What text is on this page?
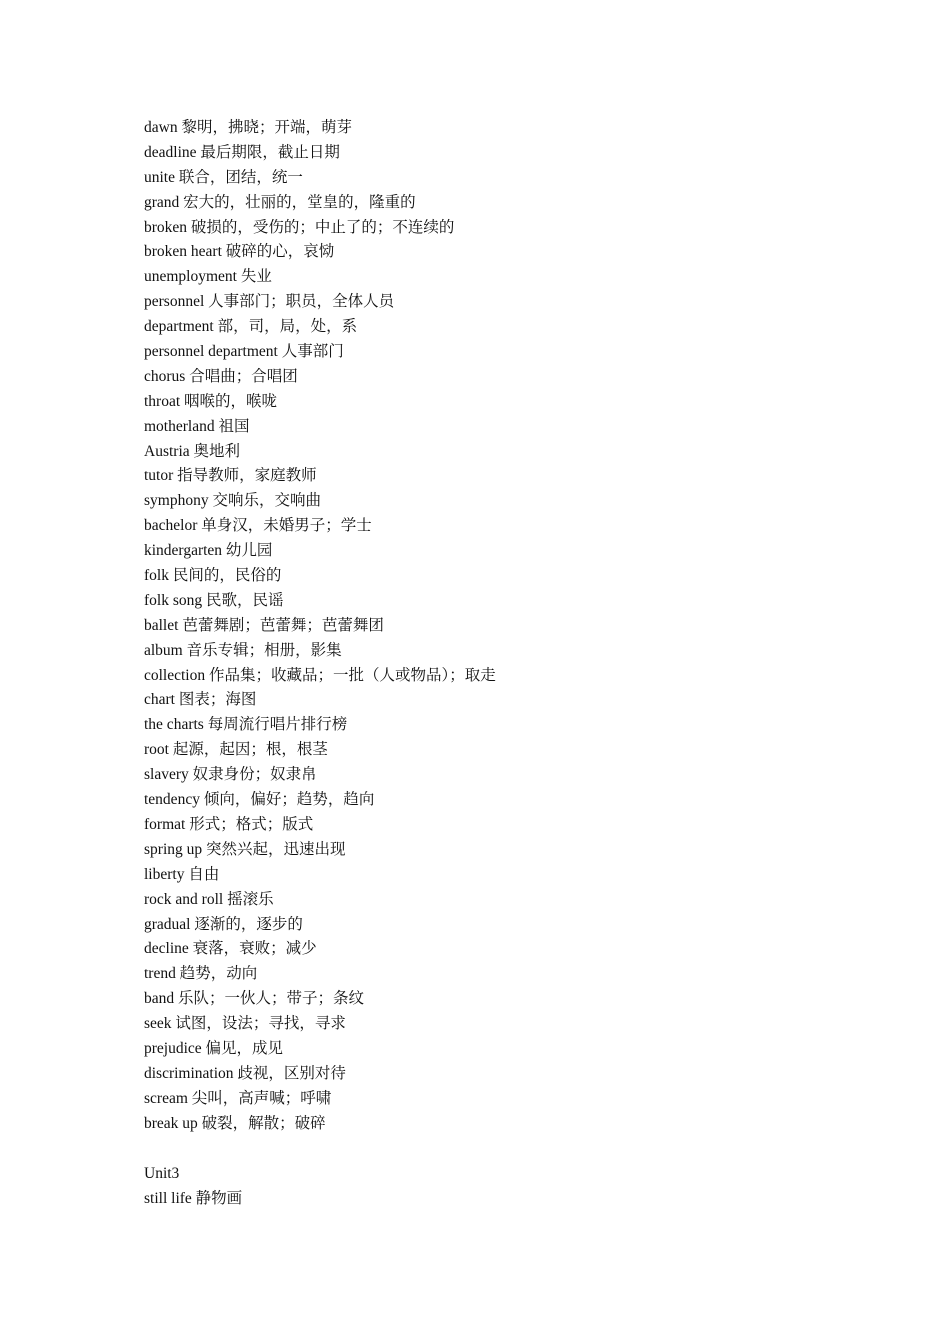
dawn 黎明，拂晓；开端，萌芽
deadline 最后期限，截止日期
unite 联合，团结，统一
grand 宏大的，壮丽的，堂皇的，隆重的
broken 破损的，受伤的；中止了的；不连续的
broken heart 破碎的心，哀恸
unemployment 失业
personnel 人事部门；职员，全体人员
department 部，司，局，处，系
personnel department 人事部门
chorus 合唱曲；合唱团
throat 咽喉的，喉咙
motherland 祖国
Austria 奥地利
tutor 指导教师，家庭教师
symphony 交响乐，交响曲
bachelor 单身汉，未婚男子；学士
kindergarten 幼儿园
folk 民间的，民俗的
folk song 民歌，民谣
ballet 芭蕾舞剧；芭蕾舞；芭蕾舞团
album 音乐专辑；相册，影集
collection 作品集；收藏品；一批（人或物品）；取走
chart 图表；海图
the charts 每周流行唱片排行榜
root 起源，起因；根，根茎
slavery 奴隶身份；奴隶帛
tendency 倾向，偏好；趋势，趋向
format 形式；格式；版式
spring up 突然兴起，迅速出现
liberty 自由
rock and roll 摇滚乐
gradual 逐渐的，逐步的
decline 衰落，衰败；减少
trend 趋势，动向
band 乐队；一伙人；带子；条纹
seek 试图，设法；寻找，寻求
prejudice 偏见，成见
discrimination 歧视，区别对待
scream 尖叫，高声喊；呼啸
break up 破裂，解散；破碎
Unit3
still life 静物画
